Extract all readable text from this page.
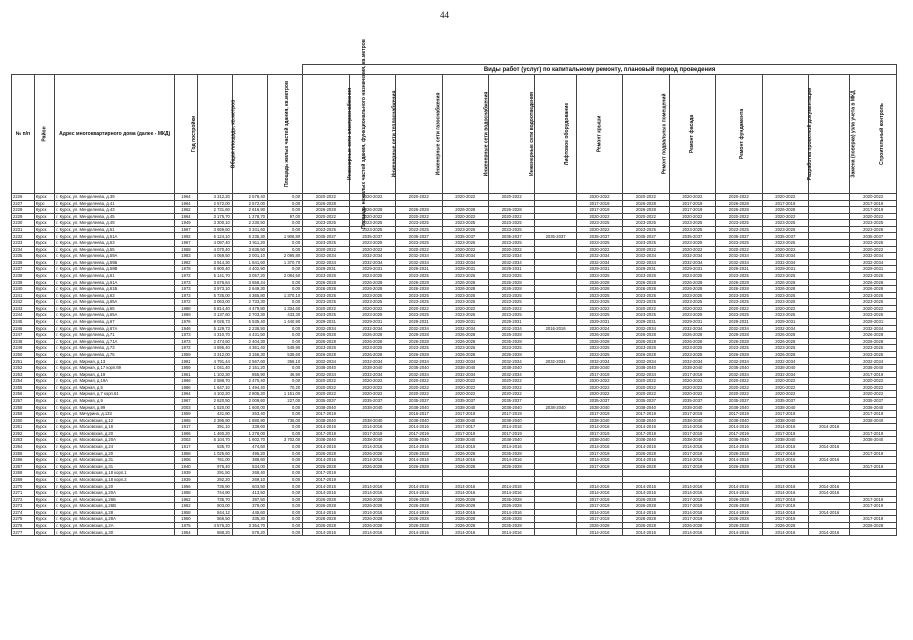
44
							Виды работ (услуг) по капитальному ремонту, плановый период проведения												
№ п/п	Район	Адрес многоквартирного дома (далее - МКД)	Год постройки	Общая площадь, кв.метров	Площадь жилых частей здания, кв.метров	Площадь нежилых частей здания, функционального назначения, кв.метров	Инженерные сети электроснабжения	Инженерные сети теплоснабжения	Инженерные сети газоснабжения	Инженерные сети водоснабжения	Инженерные сети водоотведения	Лифтовое оборудование	Ремонт крыши	Ремонт подвальных помещений	Ремонт фасада	Ремонт фундамента	Разработка проектной документации	Замена (поверка) узла учета в МКД	Строительный контроль
2226	Курск	г. Курск, ул. Менделеева, д.39	1964	3 312,20	2 578,40	0,00	2020-2022	2020-2022	2020-2022	2020-2022	2020-2022		2020-2022	2020-2022	2020-2022	2020-2022	2020-2022		2020-2022
2227	Курс	г. Курск, ул. Менделеева, д.41	1964	2 572,00	2 572,00	0,00	2026-2028						2017-2019	2026-2028	2017-2019	2026-2028	2017-2019		2017-2019
2228	Курск	г. Курск, ул. Менделеева, д.43	1962	2 731,60	2 616,90	0,00	2026-2028	2026-2028	2026-2028	2026-2028	2026-2028		2017-2019	2026-2028	2017-2019	2026-2028	2026-2028		2017-2019
2229	Курск	г. Курск, ул. Менделеева, д.45	1964	3 175,70	1 278,70	97,00	2020-2022	2020-2022	2020-2022	2020-2022	2020-2022		2020-2022	2020-2022	2020-2022	2020-2022	2020-2022		2020-2022
2230	Курск	г. Курск, ул. Менделеева, д.49	1949	3 300,10	2 230,50	0,00	2023-2025	2023-2025	2023-2025	2023-2025	2023-2025		2023-2025	2023-2025	2023-2025	2023-2025	2023-2025		2023-2025
2231	Курск	г. Курск, ул. Менделеева, д.51	1967	3 659,50	3 341,60	0,00	2023-2025	2023-2025	2023-2025	2023-2025	2023-2025		2020-2022	2023-2025	2023-2025	2023-2025	2023-2025		2023-2025
2232	Курск	г. Курск, ул. Менделеева, д.51А	1992	5 124,10	5 235,30	1 906,80	2035-2037	2035-2037	2035-2037	2035-2037	2035-2037	2035-2037	2035-2037	2035-2037	2035-2037	2035-2037	2035-2037		2035-2037
2233	Курск	г. Курск, ул. Менделеева, д.53	1967	4 087,40	3 911,20	0,00	2023-2025	2023-2025	2023-2025	2023-2025	2023-2025		2023-2025	2023-2025	2023-2025	2023-2025	2023-2025		2023-2025
2234	Курск	г. Курск, ул. Менделеева, д.55	1968	4 070,40	3 635,50	0,00	2020-2022	2020-2022	2020-2022	2020-2022	2020-2022		2020-2022	2020-2022	2020-2022	2020-2022	2020-2022		2020-2022
2235	Курск	г. Курск, ул. Менделеева, д.59А	1983	4 059,50	2 001,10	2 095,80	2032-2034	2032-2034	2032-2034	2032-2034	2032-2034		2032-2034	2032-2034	2032-2034	2032-2034	2032-2034		2032-2034
2236	Курск	г. Курск, ул. Менделеева, д.59Б	1982	3 914,30	1 841,60	1 370,70	2032-2034	2032-2034	2032-2034	2032-2034	2032-2034		2032-2034	2032-2034	2032-2034	2032-2034	2032-2034		2032-2034
2237	Курск	г. Курск, ул. Менделеева, д.59В	1978	6 900,40	4 402,90	0,00	2029-2031	2029-2031	2029-2031	2029-2031	2029-2031		2029-2031	2029-2031	2029-2031	2029-2031	2029-2031		2029-2031
2238	Курск	г. Курск, ул. Менделеева, д.61	1972	5 141,70	3 057,20	2 084,50	2023-2025	2023-2025	2023-2025	2023-2025	2023-2025		2023-2025	2023-2025	2023-2025	2023-2025	2023-2025		2023-2025
2239	Курск	г. Курск, ул. Менделеева, д.61А	1973	3 676,64	3 658,44	0,00	2026-2028	2026-2028	2026-2028	2026-2028	2026-2028		2026-2028	2026-2028	2026-2028	2026-2028	2026-2028		2026-2028
2240	Курск	г. Курск, ул. Менделеева, д.61Б	1973	3 973,10	2 649,30	0,00	2026-2028	2026-2028	2026-2028	2026-2028	2026-2028		2026-2028	2026-2028	2026-2028	2026-2028	2026-2028		2026-2028
2241	Курск	г. Курск, ул. Менделеева, д.63	1973	5 735,00	4 365,80	1 370,10	2023-2025	2023-2025	2023-2025	2023-2025	2023-2025		2023-2025	2023-2025	2023-2025	2023-2025	2023-2025		2023-2025
2242	Курск	г. Курск, ул. Менделеева, д.65А	1972	3 063,00	2 733,30	0,00	2023-2025	2023-2025	2023-2025	2023-2025	2023-2025		2023-2025	2023-2025	2023-2025	2023-2025	2023-2025		2023-2025
2243	Курск	г. Курск, ул. Менделеева, д.65	1988	5 814,40	4 479,80	1 334,60	2020-2022	2020-2022	2020-2022	2020-2022	2020-2022		2020-2022	2020-2022	2020-2022	2020-2022	2020-2022		2020-2022
2244	Курск	г. Курск, ул. Менделеева, д.65А	1969	3 137,60	2 703,30	433,30	2023-2025	2023-2025	2023-2025	2023-2025	2023-2025		2023-2025	2023-2025	2023-2025	2023-2025	2023-2025		2023-2025
2245	Курск	г. Курск, ул. Менделеева, д.67	1976	9 026,73	5 535,40	1 440,90	2029-2031	2029-2031	2029-2031	2029-2031	2029-2031		2029-2031	2029-2031	2029-2031	2029-2031	2029-2031		2029-2031
2246	Курск	г. Курск, ул. Менделеева, д.67А	1946	5 129,73	2 238,50	0,00	2032-2034	2032-2034	2032-2034	2032-2034	2032-2034	2016-2016	2020-2024	2032-2034	2032-2034	2032-2034	2032-2034		2032-2034
2247	Курск	г. Курск, ул. Менделеева, д.71	1973	4 310,70	4 431,50	0,00	2026-2028	2026-2028	2026-2028	2026-2028	2026-2028		2026-2028	2026-2028	2026-2028	2026-2028	2026-2028		2026-2028
2248	Курск	г. Курск, ул. Менделеева, д.71А	1973	2 474,50	2 404,30	0,00	2026-2028	2026-2028	2026-2028	2026-2028	2026-2028		2026-2028	2026-2028	2026-2028	2026-2028	2026-2028		2026-2028
2249	Курск	г. Курск, ул. Менделеева, д.73	1972	4 895,40	4 361,40	549,90	2023-2025	2023-2025	2023-2025	2023-2025	2023-2025		2023-2025	2023-2025	2023-2025	2023-2025	2023-2025		2023-2025
2250	Курск	г. Курск, ул. Менделеева, д.75	1959	3 312,00	3 156,30	536,60	2026-2028	2026-2028	2026-2028	2026-2028	2026-2028		2023-2025	2026-2028	2023-2025	2026-2028	2026-2028		2023-2025
2251	Курск	г. Курск, ул. Мирная, д.13	1981	4 791,44	2 567,60	356,10	2032-2034	2032-2034	2032-2034	2032-2034	2032-2034	2032-2034	2032-2034	2032-2034	2032-2034	2032-2034	2032-2034		2032-2034
2252	Курск	г. Курск, ул. Мирная, д.17 корп.69	1959	1 041,40	2 151,20	0,00	2038-2040	2038-2040	2038-2040	2038-2040	2038-2040		2038-2040	2038-2040	2038-2040	2038-2040	2038-2040		2038-2040
2253	Курск	г. Курск, ул. Мирная, д.19	1961	1 102,30	855,90	46,90	2032-2034	2032-2034	2032-2034	2032-2034	2032-2034		2017-2019	2032-2034	2017-2019	2032-2034	2032-2034		2017-2019
2254	Курск	г. Курск, ул. Мирная, д.19А	1966	2 588,70	2 470,40	0,00	2020-2022	2020-2022	2020-2022	2020-2022	2020-2022		2020-2022	2020-2022	2020-2022	2020-2022	2020-2022		2020-2022
2255	Курск	г. Курск, ул. Мирная, д.5	1986	1 647,10	1 494,40	70,20	2020-2022	2020-2022	2020-2022	2020-2022	2020-2022		2020-2022	2020-2022	2020-2022	2020-2022	2020-2022		2020-2022
2256	Курск	г. Курск, ул. Мирная, д.7 корп.61	1964	4 102,20	2 805,20	1 151,00	2020-2022	2020-2022	2020-2022	2020-2022	2020-2022		2020-2022	2020-2022	2020-2022	2020-2022	2020-2022		2020-2022
2257	Курск	г. Курск, ул. Мирная, д.9	1967	2 620,50	2 009,60	227,00	2035-2037	2035-2037	2035-2037	2035-2037	2035-2037		2035-2037	2035-2037	2035-2037	2035-2037	2035-2037		2035-2037
2258	Курск	г. Курск, ул. Мирная, д.99	2003	1 520,00	1 600,00	0,00	2038-2040	2038-2040	2038-2040	2038-2040	2038-2040	2038-2040	2038-2040	2038-2040	2038-2040	2038-2040	2038-2040		2038-2040
2259	Курск	г. Курск, ул. Мичурина, д.133	1959	431,90	263,40	0,00	2017-2019		2016-2017	2017-2019	2017-2019		2017-2019	2017-2019	2017-2019	2017-2019	2017-2019		2017-2019
2260	Курск	г. Курск, ул. Московская, д.12	1965	2 395,90	1 880,90	735,00	2038-2040	2038-2040	2038-2040	2038-2040	2038-2040		2038-2040	2038-2040	2038-2040	2038-2040	2038-2040		2038-2040
2261	Курск	г. Курск, ул. Московская, д.16	1917	391,10	339,60	0,00	2014-2016	2014-2016	2014-2016	2017-2017	2014-2016		2014-2016	2014-2016	2014-2016	2014-2016	2014-2016	2014-2016	
2262	Курск	г. Курск, ул. Московская, д.20	1966	1 460,20	1 278,00	0,00	2017-2019	2017-2019	2017-2019	2017-2019	2017-2019		2017-2019	2017-2019	2017-2019	2017-2019	2017-2019		2017-2019
2263	Курск	г. Курск, ул. Московская, д.20А	2003	5 104,70	1 602,70	3 702,00	2038-2040	2038-2040	2038-2040	2038-2040	2038-2040		2038-2040	2038-2040	2038-2040	2038-2040	2038-2040		2038-2040
2264	Курск	г. Курск, ул. Московская, д.24	1917	535,70	474,60	0,00	2014-2016	2014-2016	2014-2016	2014-2016	2014-2016		2014-2016	2014-2016	2014-2016	2014-2016	2014-2016	2014-2016	
2265	Курск	г. Курск, ул. Московская, д.20	1958	1 025,60	495,20	0,00	2026-2028	2026-2028	2026-2028	2026-2028	2026-2028		2017-2019	2026-2028	2017-2019	2026-2028	2017-2019		2017-2019
2266	Курск	г. Курск, ул. Московская, д.31	1906	761,00	388,60	0,00	2014-2016	2014-2016	2014-2016	2014-2016	2014-2016		2014-2016	2014-2016	2014-2016	2014-2016	2014-2016	2014-2016	
2267	Курск	г. Курск, ул. Московская, д.31	1940	976,40	534,00	0,00	2026-2028	2026-2028	2026-2028	2026-2028	2026-2028		2017-2019	2026-2028	2017-2019	2026-2028	2017-2019		2017-2019
2268	Курск	г. Курск, ул. Московская, д.18 корп.1	1939	291,50	268,40	0,00	2017-2019												
2269	Курск	г. Курск, ул. Московская, д.18 корп.2	1939	292,20	269,10	0,00	2017-2019												
2270	Курск	г. Курск, ул. Московская, д.20	1956	735,90	603,50	0,00	2014-2016	2014-2016	2014-2016	2014-2016	2014-2016		2014-2016	2014-2016	2014-2016	2014-2016	2014-2016	2014-2016	
2271	Курск	г. Курск, ул. Московская, д.20А	1958	744,90	413,50	0,00	2014-2016	2014-2016	2014-2016	2014-2016	2014-2016		2014-2016	2014-2016	2014-2016	2014-2016	2014-2016	2014-2016	
2272	Курск	г. Курск, ул. Московская, д.26Б	1962	735,70	397,50	0,00	2026-2028	2026-2028	2026-2028	2026-2028	2026-2028		2017-2019	2026-2028	2017-2019	2026-2028	2017-2019		2017-2019
2273	Курск	г. Курск, ул. Московская, д.26В	1962	503,00	379,00	0,00	2026-2028	2026-2028	2026-2028	2026-2028	2026-2028		2017-2019	2026-2028	2017-2019	2026-2028	2017-2019		2017-2019
2274	Курск	г. Курск, ул. Московская, д.28	1958	844,12	445,60	0,00	2014-2016	2014-2016	2014-2016	2014-2016	2014-2016		2014-2016	2014-2016	2014-2016	2014-2016	2014-2016	2014-2016	
2275	Курск	г. Курск, ул. Московская, д.28А	1960	566,50	335,30	0,00	2026-2028	2026-2028	2026-2028	2026-2028	2026-2028		2017-2019	2026-2028	2017-2019	2026-2028	2017-2019		2017-2019
2276	Курск	г. Курск, ул. Московская, д.2А	1975	4 576,20	3 354,70	0,00	2026-2028	2026-2028	2026-2028	2026-2028	2026-2028		2026-2028	2026-2028	2026-2028	2026-2028	2026-2028		2026-2028
2277	Курск	г. Курск, ул. Московская, д.30	1954	688,20	576,20	0,00	2014-2016	2014-2016	2014-2016	2014-2016	2014-2016		2014-2016	2014-2016	2014-2016	2014-2016	2014-2016	2014-2016	
